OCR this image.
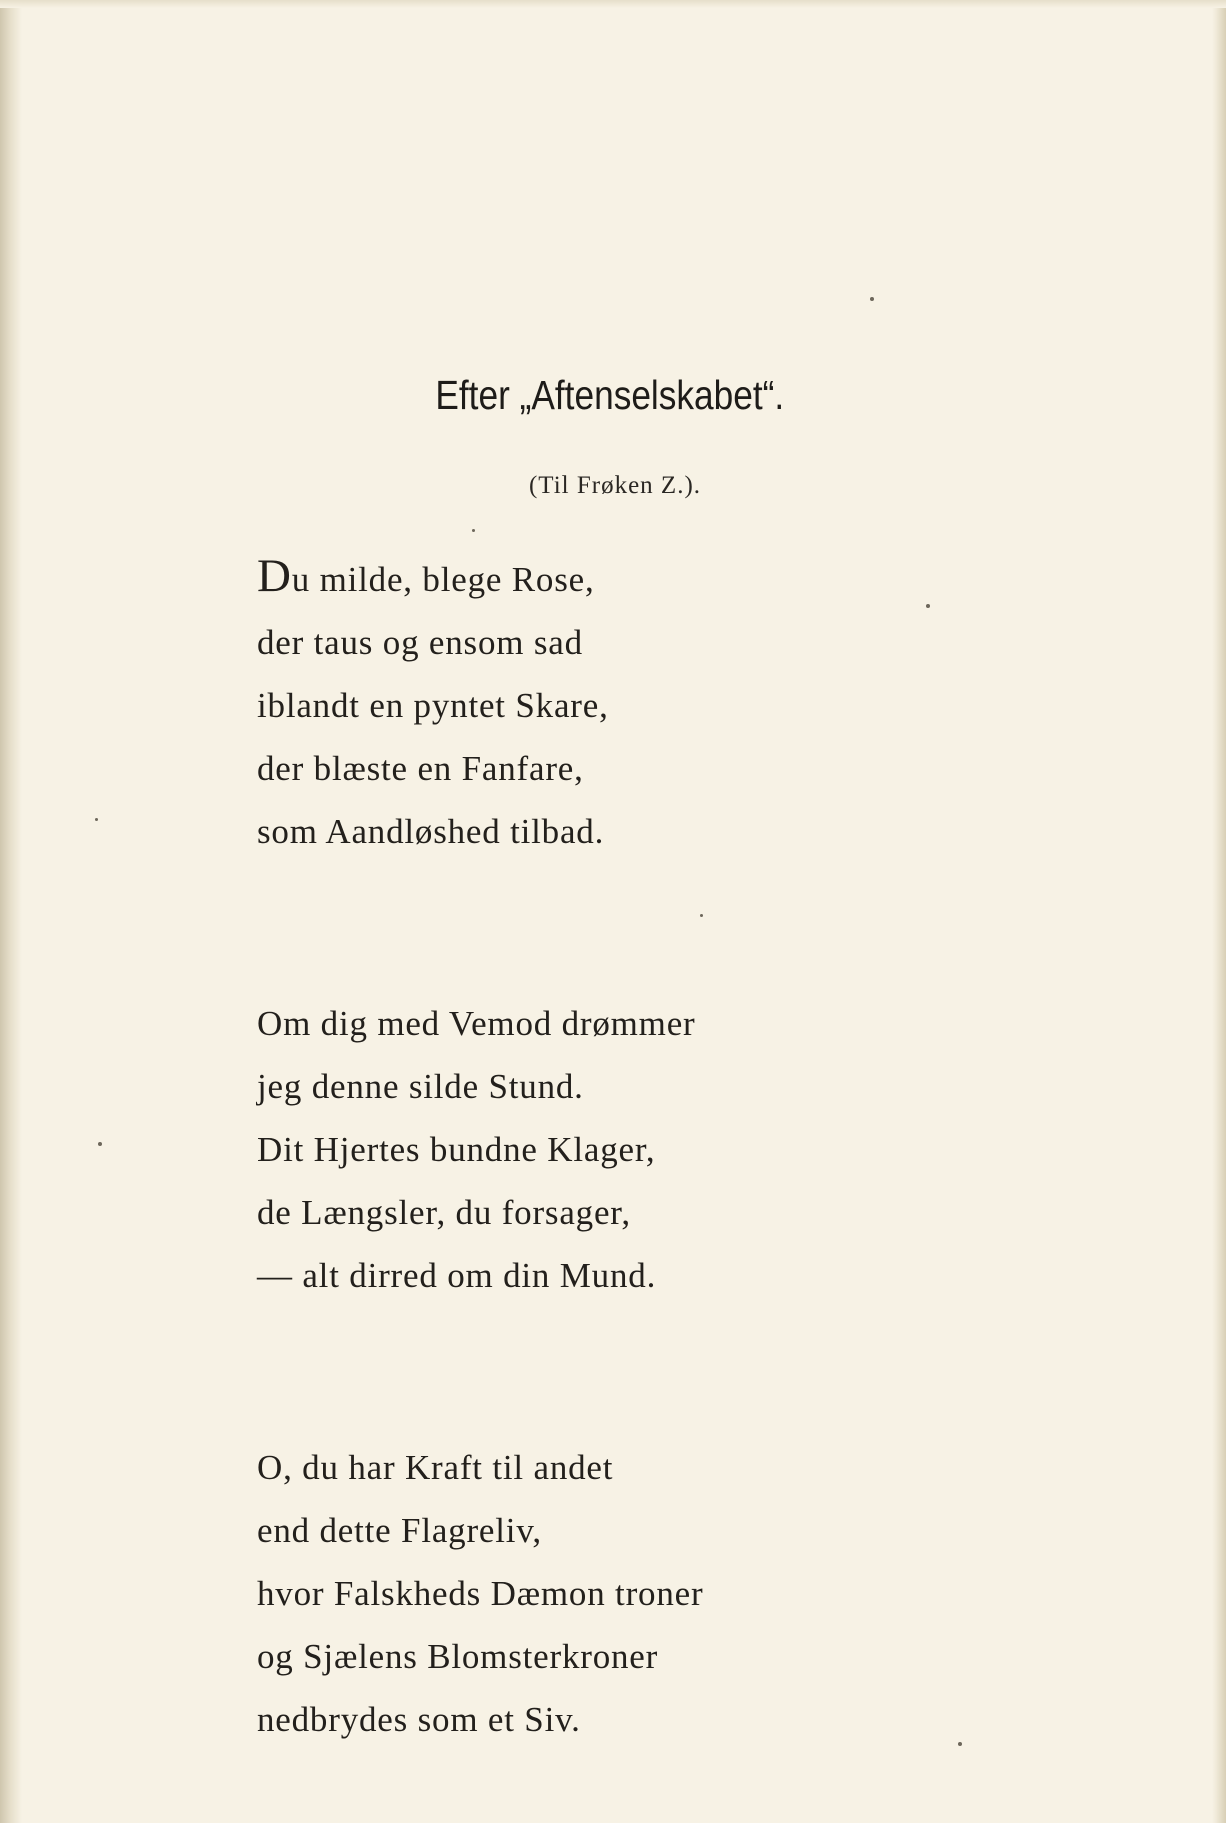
Efter „Aftenselskabet“.
(Til Frøken Z.).
Du milde, blege Rose,
der taus og ensom sad
iblandt en pyntet Skare,
der blæste en Fanfare,
som Aandløshed tilbad.
Om dig med Vemod drømmer
jeg denne silde Stund.
Dit Hjertes bundne Klager,
de Længsler, du forsager,
— alt dirred om din Mund.
O, du har Kraft til andet
end dette Flagreliv,
hvor Falskheds Dæmon troner
og Sjælens Blomsterkroner
nedbrydes som et Siv.
